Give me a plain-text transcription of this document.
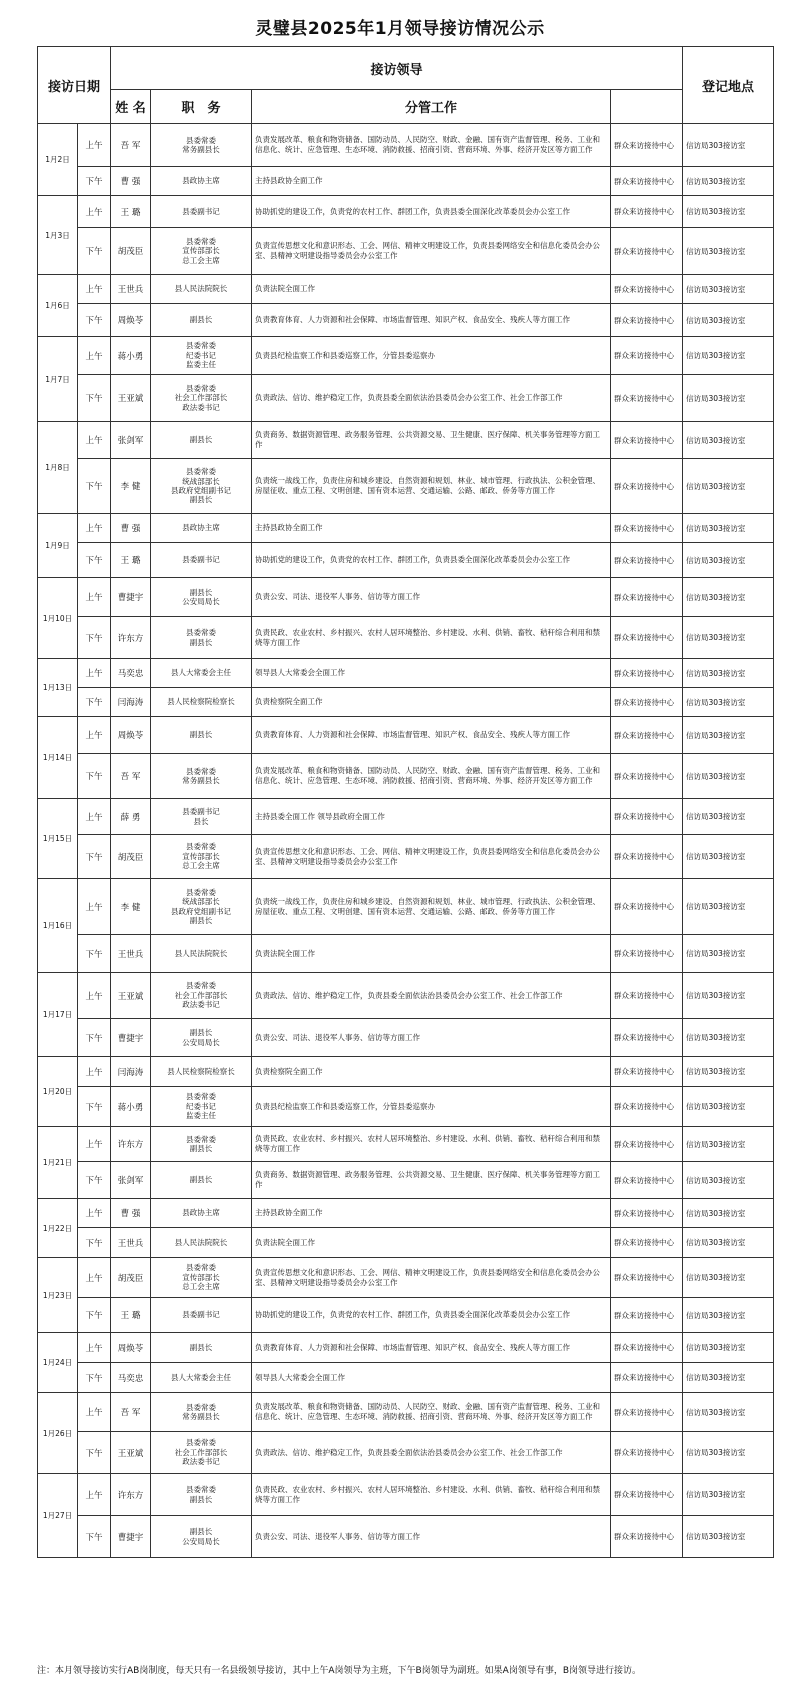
灵璧县2025年1月领导接访情况公示
接访日期		接访领导				登记地点	
		姓 名	职　务	分管工作			
1月2日	上午	吾 军	县委常委
常务副县长	负责发展改革、粮食和物资储备、国防动员、人民防空、财政、金融、国有资产监督管理、税务、工业和信息化、统计、应急管理、生态环境、消防救援、招商引资、营商环境、外事、经济开发区等方面工作	群众来访接待中心	信访局303接访室	
	下午	曹 强	县政协主席	主持县政协全面工作	群众来访接待中心	信访局303接访室	
1月3日	上午	王 璐	县委副书记	协助抓党的建设工作，负责党的农村工作、群团工作，负责县委全面深化改革委员会办公室工作	群众来访接待中心	信访局303接访室	
	下午	胡茂臣	县委常委
宣传部部长
总工会主席	负责宣传思想文化和意识形态、工会、网信、精神文明建设工作，负责县委网络安全和信息化委员会办公室、县精神文明建设指导委员会办公室工作	群众来访接待中心	信访局303接访室	
1月6日	上午	王世兵	县人民法院院长	负责法院全面工作	群众来访接待中心	信访局303接访室	
	下午	周焕苓	副县长	负责教育体育、人力资源和社会保障、市场监督管理、知识产权、食品安全、残疾人等方面工作	群众来访接待中心	信访局303接访室	
1月7日	上午	蒋小勇	县委常委
纪委书记
监委主任	负责县纪检监察工作和县委巡察工作，分管县委巡察办	群众来访接待中心	信访局303接访室	
	下午	王亚斌	县委常委
社会工作部部长
政法委书记	负责政法、信访、维护稳定工作，负责县委全面依法治县委员会办公室工作、社会工作部工作	群众来访接待中心	信访局303接访室	
1月8日	上午	张剑军	副县长	负责商务、数据资源管理、政务服务管理、公共资源交易、卫生健康、医疗保障、机关事务管理等方面工作	群众来访接待中心	信访局303接访室	
	下午	李 健	县委常委
统战部部长
县政府党组副书记
副县长	负责统一战线工作，负责住房和城乡建设、自然资源和规划、林业、城市管理、行政执法、公积金管理、房屋征收、重点工程、文明创建、国有资本运营、交通运输、公路、邮政、侨务等方面工作	群众来访接待中心	信访局303接访室	
1月9日	上午	曹 强	县政协主席	主持县政协全面工作	群众来访接待中心	信访局303接访室	
	下午	王 璐	县委副书记	协助抓党的建设工作，负责党的农村工作、群团工作，负责县委全面深化改革委员会办公室工作	群众来访接待中心	信访局303接访室	
1月10日	上午	曹捷宇	副县长
公安局局长	负责公安、司法、退役军人事务、信访等方面工作	群众来访接待中心	信访局303接访室	
	下午	许东方	县委常委
副县长	负责民政、农业农村、乡村振兴、农村人居环境整治、乡村建设、水利、供销、畜牧、秸秆综合利用和禁烧等方面工作	群众来访接待中心	信访局303接访室	
1月13日	上午	马奕忠	县人大常委会主任	领导县人大常委会全面工作	群众来访接待中心	信访局303接访室	
	下午	闫海涛	县人民检察院检察长	负责检察院全面工作	群众来访接待中心	信访局303接访室	
1月14日	上午	周焕苓	副县长	负责教育体育、人力资源和社会保障、市场监督管理、知识产权、食品安全、残疾人等方面工作	群众来访接待中心	信访局303接访室	
	下午	吾 军	县委常委
常务副县长	负责发展改革、粮食和物资储备、国防动员、人民防空、财政、金融、国有资产监督管理、税务、工业和信息化、统计、应急管理、生态环境、消防救援、招商引资、营商环境、外事、经济开发区等方面工作	群众来访接待中心	信访局303接访室	
1月15日	上午	薛 勇	县委副书记
县长	主持县委全面工作 领导县政府全面工作	群众来访接待中心	信访局303接访室	
	下午	胡茂臣	县委常委
宣传部部长
总工会主席	负责宣传思想文化和意识形态、工会、网信、精神文明建设工作，负责县委网络安全和信息化委员会办公室、县精神文明建设指导委员会办公室工作	群众来访接待中心	信访局303接访室	
1月16日	上午	李 健	县委常委
统战部部长
县政府党组副书记
副县长	负责统一战线工作，负责住房和城乡建设、自然资源和规划、林业、城市管理、行政执法、公积金管理、房屋征收、重点工程、文明创建、国有资本运营、交通运输、公路、邮政、侨务等方面工作	群众来访接待中心	信访局303接访室	
	下午	王世兵	县人民法院院长	负责法院全面工作	群众来访接待中心	信访局303接访室	
1月17日	上午	王亚斌	县委常委
社会工作部部长
政法委书记	负责政法、信访、维护稳定工作，负责县委全面依法治县委员会办公室工作、社会工作部工作	群众来访接待中心	信访局303接访室	
	下午	曹捷宇	副县长
公安局局长	负责公安、司法、退役军人事务、信访等方面工作	群众来访接待中心	信访局303接访室	
1月20日	上午	闫海涛	县人民检察院检察长	负责检察院全面工作	群众来访接待中心	信访局303接访室	
	下午	蒋小勇	县委常委
纪委书记
监委主任	负责县纪检监察工作和县委巡察工作，分管县委巡察办	群众来访接待中心	信访局303接访室	
1月21日	上午	许东方	县委常委
副县长	负责民政、农业农村、乡村振兴、农村人居环境整治、乡村建设、水利、供销、畜牧、秸秆综合利用和禁烧等方面工作	群众来访接待中心	信访局303接访室	
	下午	张剑军	副县长	负责商务、数据资源管理、政务服务管理、公共资源交易、卫生健康、医疗保障、机关事务管理等方面工作	群众来访接待中心	信访局303接访室	
1月22日	上午	曹 强	县政协主席	主持县政协全面工作	群众来访接待中心	信访局303接访室	
	下午	王世兵	县人民法院院长	负责法院全面工作	群众来访接待中心	信访局303接访室	
1月23日	上午	胡茂臣	县委常委
宣传部部长
总工会主席	负责宣传思想文化和意识形态、工会、网信、精神文明建设工作，负责县委网络安全和信息化委员会办公室、县精神文明建设指导委员会办公室工作	群众来访接待中心	信访局303接访室	
	下午	王 璐	县委副书记	协助抓党的建设工作，负责党的农村工作、群团工作，负责县委全面深化改革委员会办公室工作	群众来访接待中心	信访局303接访室	
1月24日	上午	周焕苓	副县长	负责教育体育、人力资源和社会保障、市场监督管理、知识产权、食品安全、残疾人等方面工作	群众来访接待中心	信访局303接访室	
	下午	马奕忠	县人大常委会主任	领导县人大常委会全面工作	群众来访接待中心	信访局303接访室	
1月26日	上午	吾 军	县委常委
常务副县长	负责发展改革、粮食和物资储备、国防动员、人民防空、财政、金融、国有资产监督管理、税务、工业和信息化、统计、应急管理、生态环境、消防救援、招商引资、营商环境、外事、经济开发区等方面工作	群众来访接待中心	信访局303接访室	
	下午	王亚斌	县委常委
社会工作部部长
政法委书记	负责政法、信访、维护稳定工作，负责县委全面依法治县委员会办公室工作、社会工作部工作	群众来访接待中心	信访局303接访室	
1月27日	上午	许东方	县委常委
副县长	负责民政、农业农村、乡村振兴、农村人居环境整治、乡村建设、水利、供销、畜牧、秸秆综合利用和禁烧等方面工作	群众来访接待中心	信访局303接访室	
	下午	曹捷宇	副县长
公安局局长	负责公安、司法、退役军人事务、信访等方面工作	群众来访接待中心	信访局303接访室	
注：本月领导接访实行AB岗制度，每天只有一名县级领导接访，其中上午A岗领导为主班，下午B岗领导为副班。如果A岗领导有事，B岗领导进行接访。
